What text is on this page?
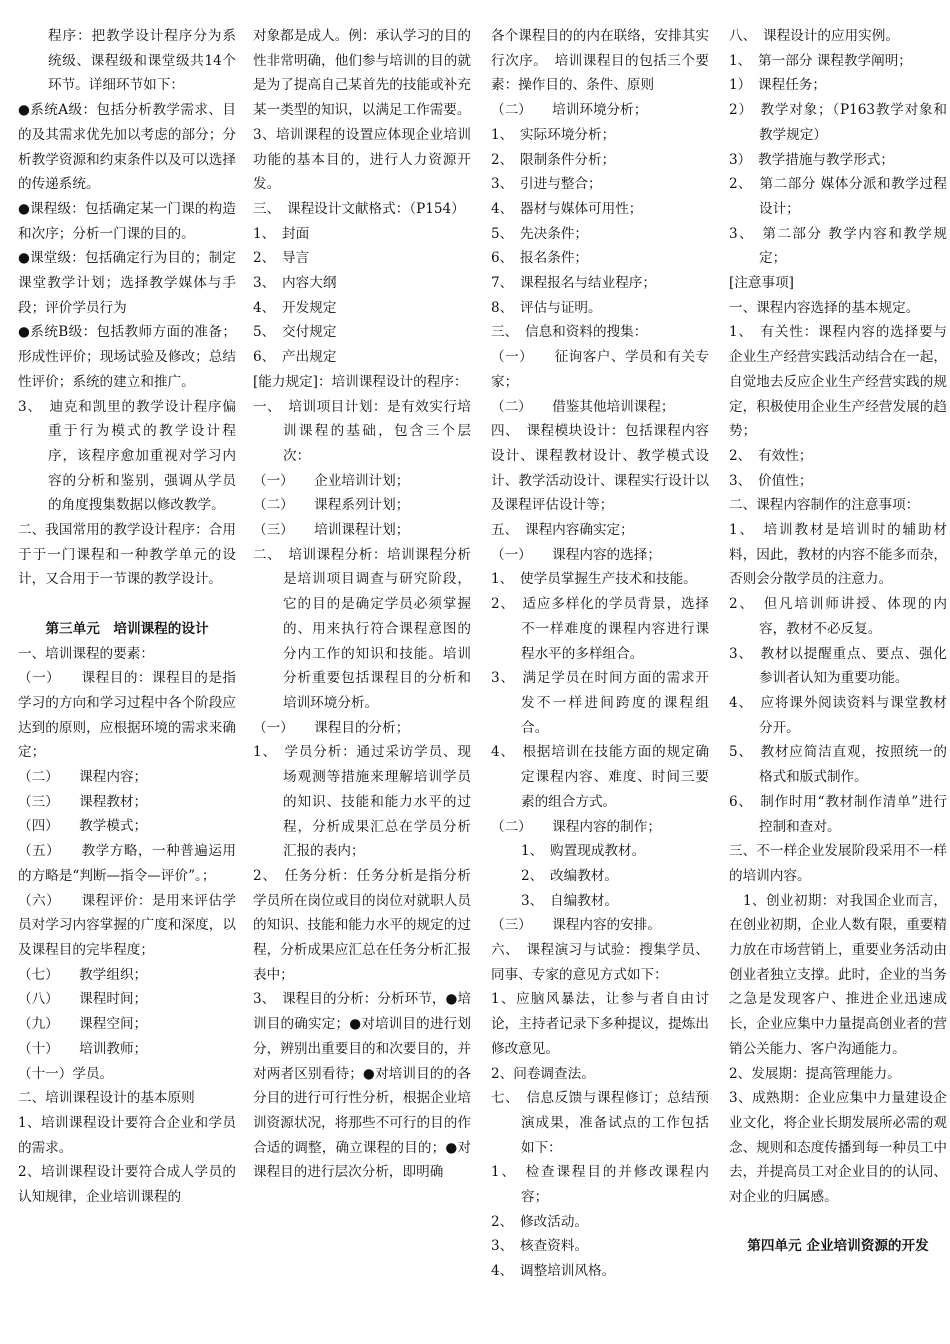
程序：把教学设计程序分为系统级、课程级和课堂级共14个环节。详细环节如下：

●系统A级：包括分析教学需求、目的及其需求优先加以考虑的部分；分析教学资源和约束条件以及可以选择的传递系统。

●课程级：包括确定某一门课的构造和次序；分析一门课的目的。

●课堂级：包括确定行为目的；制定课堂教学计划；选择教学媒体与手段；评价学员行为

●系统B级：包括教师方面的准备；形成性评价；现场试验及修改；总结性评价；系统的建立和推广。

3、　迪克和凯里的教学设计程序偏重于行为模式的教学设计程序，该程序愈加重视对学习内容的分析和鉴别，强调从学员的角度搜集数据以修改教学。

二、我国常用的教学设计程序：合用于于一门课程和一种教学单元的设计，又合用于一节课的教学设计。

第三单元　培训课程的设计

一、培训课程的要素：

（一）　　课程目的：课程目的是指学习的方向和学习过程中各个阶段应达到的原则，应根据环境的需求来确定；

（二）　　课程内容；

（三）　　课程教材；

（四）　　教学模式；

（五）　　教学方略，一种普遍运用的方略是“判断—指令—评价”。；

（六）　　课程评价：是用来评估学员对学习内容掌握的广度和深度，以及课程目的完毕程度；

（七）　　教学组织；

（八）　　课程时间；

（九）　　课程空间；

（十）　　培训教师；

（十一）学员。

二、培训课程设计的基本原则

1、培训课程设计要符合企业和学员的需求。

2、培训课程设计要符合成人学员的认知规律，企业培训课程的

对象都是成人。例：承认学习的目的性非常明确，他们参与培训的目的就是为了提高自己某首先的技能或补充某一类型的知识，以满足工作需要。

3、培训课程的设置应体现企业培训功能的基本目的，进行人力资源开发。

三、　课程设计文献格式：（P154）

1、　封面

2、　导言

3、　内容大纲

4、　开发规定

5、　交付规定

6、　产出规定

[能力规定]：培训课程设计的程序：

一、　培训项目计划：是有效实行培训课程的基础，包含三个层次：

（一）　　企业培训计划；

（二）　　课程系列计划；

（三）　　培训课程计划；

二、　培训课程分析：培训课程分析是培训项目调查与研究阶段，它的目的是确定学员必须掌握的、用来执行符合课程意图的分内工作的知识和技能。培训分析重要包括课程目的分析和培训环境分析。

（一）　　课程目的分析；

1、　学员分析：通过采访学员、现场观测等措施来理解培训学员的知识、技能和能力水平的过程，分析成果汇总在学员分析汇报的表内；

2、　任务分析：任务分析是指分析学员所在岗位或目的岗位对就职人员的知识、技能和能力水平的规定的过程，分析成果应汇总在任务分析汇报表中；

3、　课程目的分析：分析环节，●培训目的确实定；●对培训目的进行划分，辨别出重要目的和次要目的，并对两者区别看待；●对培训目的的各分目的进行可行性分析，根据企业培训资源状况，将那些不可行的目的作合适的调整，确立课程的目的；●对课程目的进行层次分析，即明确

各个课程目的的内在联络，安排其实行次序。　培训课程目的包括三个要素：操作目的、条件、原则

（二）　　培训环境分析；

1、　实际环境分析；

2、　限制条件分析；

3、　引进与整合；

4、　器材与媒体可用性；

5、　先决条件；

6、　报名条件；

7、　课程报名与结业程序；

8、　评估与证明。

三、　信息和资料的搜集：

（一）　　征询客户、学员和有关专家；

（二）　　借鉴其他培训课程；

四、　课程模块设计：包括课程内容设计、课程教材设计、教学模式设计、教学活动设计、课程实行设计以及课程评估设计等；

五、　课程内容确实定；

（一）　　课程内容的选择；

1、　使学员掌握生产技术和技能。

2、　适应多样化的学员背景，选择不一样难度的课程内容进行课程水平的多样组合。

3、　满足学员在时间方面的需求开发不一样进间跨度的课程组合。

4、　根据培训在技能方面的规定确定课程内容、难度、时间三要素的组合方式。

（二）　　课程内容的制作；

1、　购置现成教材。

2、　改编教材。

3、　自编教材。

（三）　　课程内容的安排。

六、　课程演习与试验：搜集学员、同事、专家的意见方式如下：

1、应脑风暴法，让参与者自由讨论，主持者记录下多种提议，提炼出修改意见。

2、问卷调查法。

七、　信息反馈与课程修订；总结预演成果，准备试点的工作包括如下：

1、　检查课程目的并修改课程内容；

2、　修改活动。

3、　核查资料。

4、　调整培训风格。

八、　课程设计的应用实例。

1、　第一部分 课程教学阐明；

1）　课程任务；

2）　教学对象；（P163教学对象和教学规定）

3）　教学措施与教学形式；

2、　第二部分 媒体分派和教学过程设计；

3、　第二部分 教学内容和教学规定；

[注意事项]

一、课程内容选择的基本规定。

1、　有关性：课程内容的选择要与企业生产经营实践活动结合在一起，自觉地去反应企业生产经营实践的规定，积极使用企业生产经营发展的趋势；

2、　有效性；

3、　价值性；

二、课程内容制作的注意事项：

1、　培训教材是培训时的辅助材料，因此，教材的内容不能多而杂，否则会分散学员的注意力。

2、　但凡培训师讲授、体现的内容，教材不必反复。

3、　教材以提醒重点、要点、强化参训者认知为重要功能。

4、　应将课外阅读资料与课堂教材分开。

5、　教材应简洁直观，按照统一的格式和版式制作。

6、　制作时用“教材制作清单”进行控制和查对。

三、不一样企业发展阶段采用不一样的培训内容。

1、创业初期：对我国企业而言，在创业初期，企业人数有限，重要精力放在市场营销上，重要业务活动由创业者独立支撑。此时，企业的当务之急是发现客户、推进企业迅速成长，企业应集中力量提高创业者的营销公关能力、客户沟通能力。

2、发展期：提高管理能力。

3、成熟期：企业应集中力量建设企业文化，将企业长期发展所必需的观念、规则和态度传播到每一种员工中去，并提高员工对企业目的的认同、对企业的归属感。

第四单元 企业培训资源的开发
